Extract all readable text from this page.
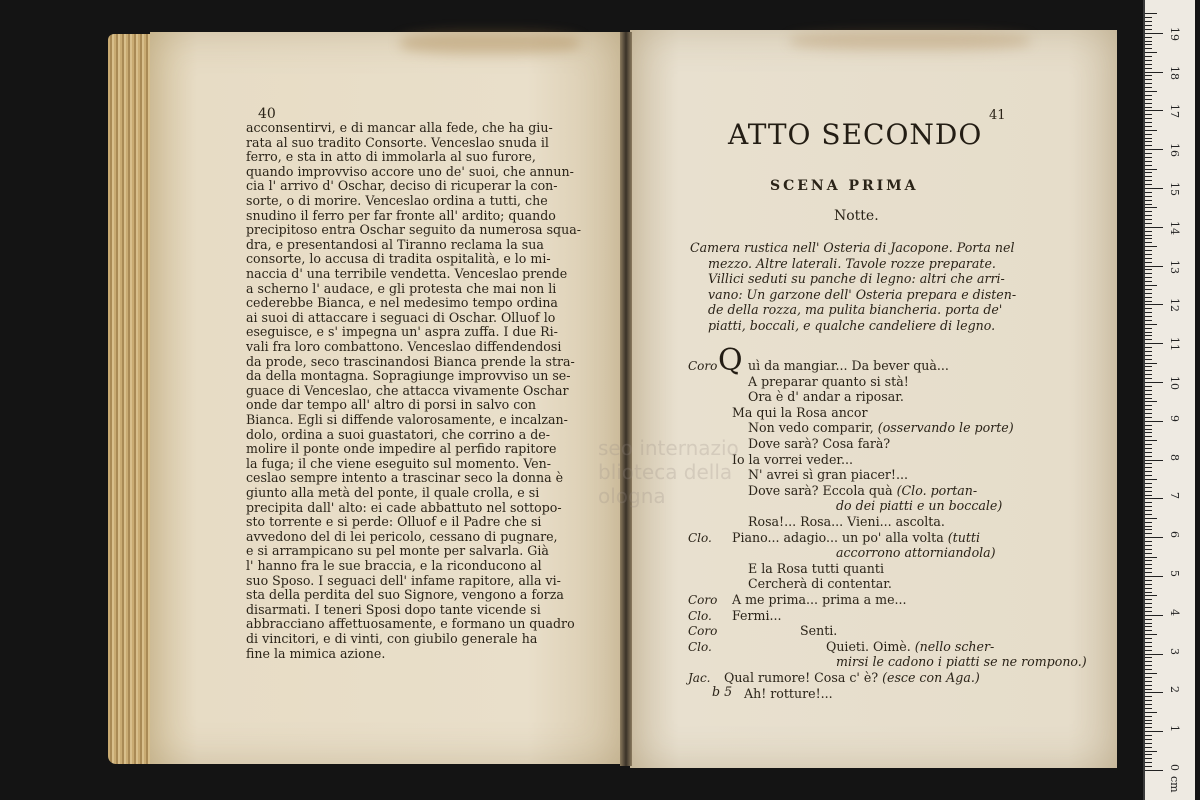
40
acconsentirvi, e di mancar alla fede, che ha giu-
rata al suo tradito Consorte. Venceslao snuda il
ferro, e sta in atto di immolarla al suo furore,
quando improvviso accore uno de' suoi, che annun-
cia l' arrivo d' Oschar, deciso di ricuperar la con-
sorte, o di morire. Venceslao ordina a tutti, che
snudino il ferro per far fronte all' ardito; quando
precipitoso entra Oschar seguito da numerosa squa-
dra, e presentandosi al Tiranno reclama la sua
consorte, lo accusa di tradita ospitalità, e lo mi-
naccia d' una terribile vendetta. Venceslao prende
a scherno l' audace, e gli protesta che mai non li
cederebbe Bianca, e nel medesimo tempo ordina
ai suoi di attaccare i seguaci di Oschar. Olluof lo
eseguisce, e s' impegna un' aspra zuffa. I due Ri-
vali fra loro combattono. Venceslao diffendendosi
da prode, seco trascinandosi Bianca prende la stra-
da della montagna. Sopragiunge improvviso un se-
guace di Venceslao, che attacca vivamente Oschar
onde dar tempo all' altro di porsi in salvo con
Bianca. Egli si diffende valorosamente, e incalzan-
dolo, ordina a suoi guastatori, che corrino a de-
molire il ponte onde impedire al perfido rapitore
la fuga; il che viene eseguito sul momento. Ven-
ceslao sempre intento a trascinar seco la donna è
giunto alla metà del ponte, il quale crolla, e si
precipita dall' alto: ei cade abbattuto nel sottopo-
sto torrente e si perde: Olluof e il Padre che si
avvedono del di lei pericolo, cessano di pugnare,
e si arrampicano su pel monte per salvarla. Già
l' hanno fra le sue braccia, e la riconducono al
suo Sposo. I seguaci dell' infame rapitore, alla vi-
sta della perdita del suo Signore, vengono a forza
disarmati. I teneri Sposi dopo tante vicende si
abbracciano affettuosamente, e formano un quadro
di vincitori, e di vinti, con giubilo generale ha
fine la mimica azione.
41
ATTO SECONDO
SCENA PRIMA
Notte.
Camera rustica nell' Osteria di Jacopone. Porta nel
mezzo. Altre laterali. Tavole rozze preparate.
Villici seduti su panche di legno: altri che arri-
vano: Un garzone dell' Osteria prepara e disten-
de della rozza, ma pulita biancheria. porta de'
piatti, boccali, e qualche candeliere di legno.
Q
Coro uì da mangiar... Da bever quà...
A preparar quanto si stà!
Ora è d' andar a riposar.
Ma qui la Rosa ancor
Non vedo comparir, (osservando le porte)
Dove sarà? Cosa farà?
Io la vorrei veder...
N' avrei sì gran piacer!...
Dove sarà? Eccola quà (Clo. portan-
do dei piatti e un boccale)
Rosa!... Rosa... Vieni... ascolta.
Clo. Piano... adagio... un po' alla volta (tutti
accorrono attorniandola)
E la Rosa tutti quanti
Cercherà di contentar.
Coro A me prima... prima a me...
Clo. Fermi...
Coro	Senti.
Clo.	Quieti. Oimè. (nello scher-
mirsi le cadono i piatti se ne rompono.)
Jac. Qual rumore! Cosa c' è? (esce con Aga.)
Ah! rotture!...
b 5
seo internazio
blioteca della
ologna
0
1
2
3
4
5
6
7
8
9
10
11
12
13
14
15
16
17
18
19
cm
